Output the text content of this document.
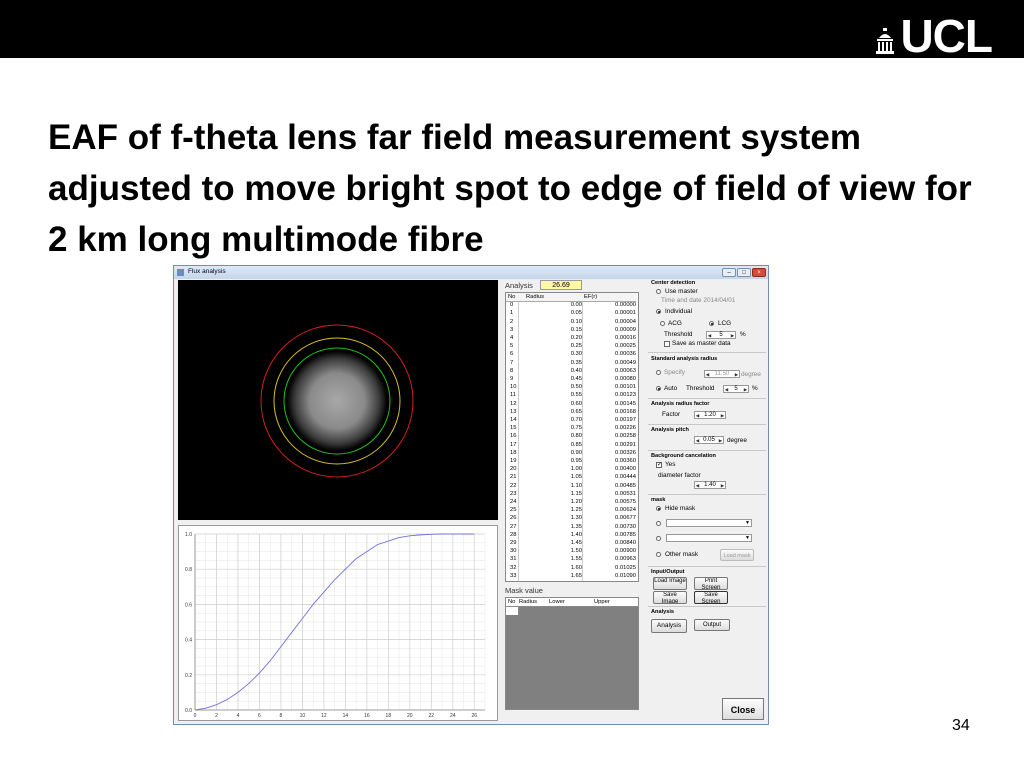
UCL
EAF of f-theta lens far field measurement system adjusted to move bright spot to edge of field of view for 2 km long multimode fibre
34
Flux analysis	–	□	×
0	2	4	6	8	10	12	14	16	18	20	22	24	26
0.0
0.2
0.4
0.6
0.8
1.0
Analysis	26.69
No Radius	EF(r)
0	0.00	0.00000
1	0.05	0.00001
2	0.10	0.00004
3	0.15	0.00009
4	0.20	0.00016
5	0.25	0.00025
6	0.30	0.00036
7	0.35	0.00049
8	0.40	0.00063
9	0.45	0.00080
10	0.50	0.00101
11	0.55	0.00123
12	0.60	0.00145
13	0.65	0.00168
14	0.70	0.00197
15	0.75	0.00226
16	0.80	0.00258
17	0.85	0.00291
18	0.90	0.00326
19	0.95	0.00360
20	1.00	0.00400
21	1.05	0.00444
22	1.10	0.00485
23	1.15	0.00531
24	1.20	0.00575
25	1.25	0.00624
26	1.30	0.00677
27	1.35	0.00730
28	1.40	0.00785
29	1.45	0.00840
30	1.50	0.00900
31	1.55	0.00963
32	1.60	0.01025
33	1.65	0.01090
Mask value
No Radius Lower	Upper
Center detection
Use master
Time and date 2014/04/01
Individual
ACG	LCG
Threshold	◀	5	▶ %
Save as master data
Standard analysis radius
Specify	◀ 11.50	▶ degree
Auto Threshold ◀	5	▶ %
Analysis radius factor
Factor	◀ 1.20	▶
Analysis pitch
◀ 0.05 ▶ degree
Background cancelation
✓ Yes
diameter factor
◀ 1.40	▶
mask
Hide mask
▼
▼
Other mask	Load mask
Input/Output
Load Image	Print Screen
Save Image
Save Screen
Analysis
Analysis	Output
Close
